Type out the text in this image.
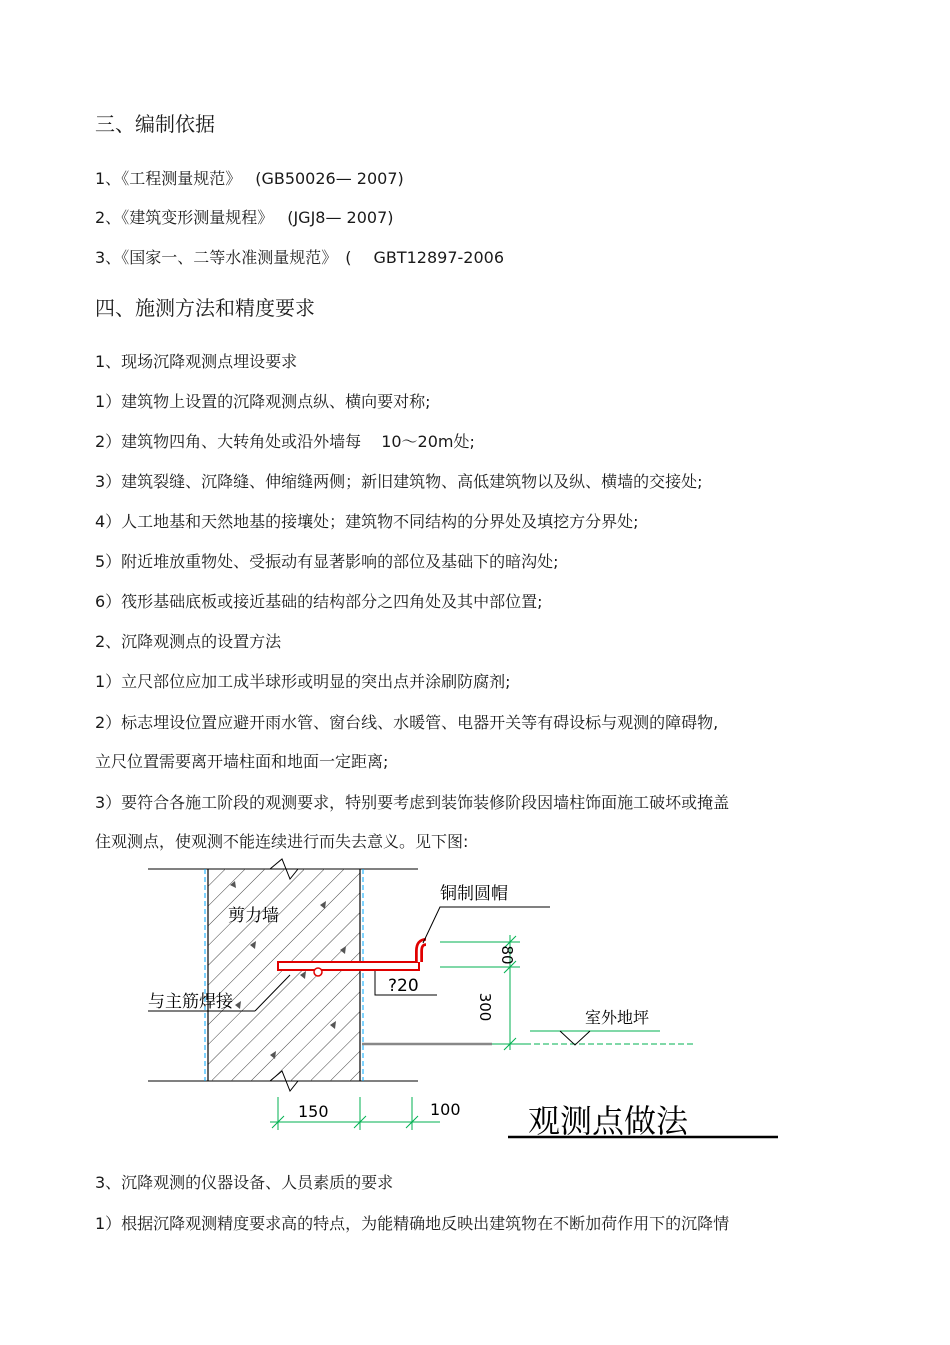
三、编制依据
1、《工程测量规范》 (GB50026— 2007)
2、《建筑变形测量规程》 (JGJ8— 2007)
3、《国家一、二等水准测量规范》 ( GBT12897-2006
四、施测方法和精度要求
1、现场沉降观测点埋设要求
1）建筑物上设置的沉降观测点纵、横向要对称;
2）建筑物四角、大转角处或沿外墙每 10～20m处;
3）建筑裂缝、沉降缝、伸缩缝两侧；新旧建筑物、高低建筑物以及纵、横墙的交接处;
4）人工地基和天然地基的接壤处；建筑物不同结构的分界处及填挖方分界处;
5）附近堆放重物处、受振动有显著影响的部位及基础下的暗沟处;
6）筏形基础底板或接近基础的结构部分之四角处及其中部位置;
2、沉降观测点的设置方法
1）立尺部位应加工成半球形或明显的突出点并涂刷防腐剂;
2）标志埋设位置应避开雨水管、窗台线、水暖管、电器开关等有碍设标与观测的障碍物,
立尺位置需要离开墙柱面和地面一定距离;
3）要符合各施工阶段的观测要求，特别要考虑到装饰装修阶段因墙柱饰面施工破坏或掩盖
住观测点，使观测不能连续进行而失去意义。见下图:
剪力墙
铜制圆帽
与主筋焊接
?20
80
300	室外地坪
150	100 观测点做法
3、沉降观测的仪器设备、人员素质的要求
1）根据沉降观测精度要求高的特点，为能精确地反映出建筑物在不断加荷作用下的沉降情
